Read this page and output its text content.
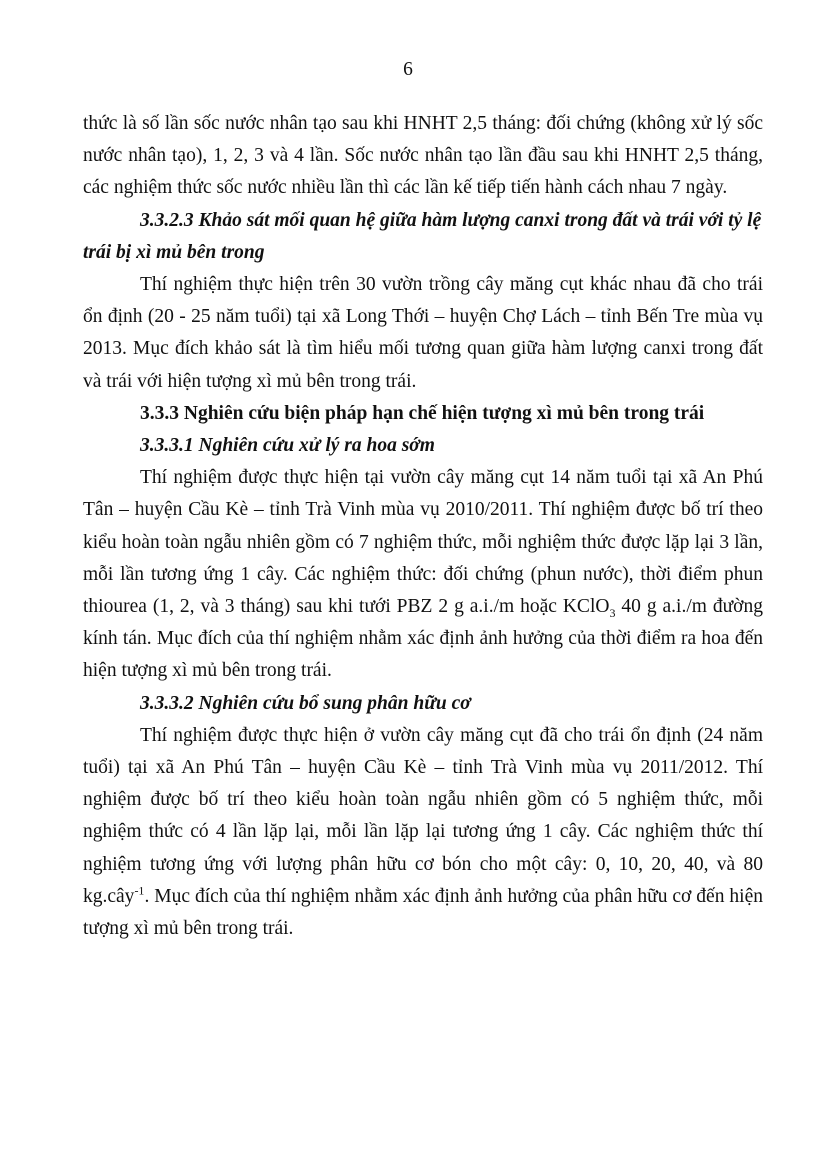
6

thức là số lần sốc nước nhân tạo sau khi HNHT 2,5 tháng: đối chứng (không xử lý sốc nước nhân tạo), 1, 2, 3 và 4 lần. Sốc nước nhân tạo lần đầu sau khi HNHT 2,5 tháng, các nghiệm thức sốc nước nhiều lần thì các lần kế tiếp tiến hành cách nhau 7 ngày.

3.3.2.3 Khảo sát mối quan hệ giữa hàm lượng canxi trong đất và trái với tỷ lệ trái bị xì mủ bên trong

Thí nghiệm thực hiện trên 30 vườn trồng cây măng cụt khác nhau đã cho trái ổn định (20 - 25 năm tuổi) tại xã Long Thới – huyện Chợ Lách – tỉnh Bến Tre mùa vụ 2013. Mục đích khảo sát là tìm hiểu mối tương quan giữa hàm lượng canxi trong đất và trái với hiện tượng xì mủ bên trong trái.

3.3.3 Nghiên cứu biện pháp hạn chế hiện tượng xì mủ bên trong trái

3.3.3.1 Nghiên cứu xử lý ra hoa sớm

Thí nghiệm được thực hiện tại vườn cây măng cụt 14 năm tuổi tại xã An Phú Tân – huyện Cầu Kè – tỉnh Trà Vinh mùa vụ 2010/2011. Thí nghiệm được bố trí theo kiểu hoàn toàn ngẫu nhiên gồm có 7 nghiệm thức, mỗi nghiệm thức được lặp lại 3 lần, mỗi lần tương ứng 1 cây. Các nghiệm thức: đối chứng (phun nước), thời điểm phun thiourea (1, 2, và 3 tháng) sau khi tưới PBZ 2 g a.i./m hoặc KClO$_3$ 40 g a.i./m đường kính tán. Mục đích của thí nghiệm nhằm xác định ảnh hưởng của thời điểm ra hoa đến hiện tượng xì mủ bên trong trái.

3.3.3.2 Nghiên cứu bổ sung phân hữu cơ

Thí nghiệm được thực hiện ở vườn cây măng cụt đã cho trái ổn định (24 năm tuổi) tại xã An Phú Tân – huyện Cầu Kè – tỉnh Trà Vinh mùa vụ 2011/2012. Thí nghiệm được bố trí theo kiểu hoàn toàn ngẫu nhiên gồm có 5 nghiệm thức, mỗi nghiệm thức có 4 lần lặp lại, mỗi lần lặp lại tương ứng 1 cây. Các nghiệm thức thí nghiệm tương ứng với lượng phân hữu cơ bón cho một cây: 0, 10, 20, 40, và 80 kg.cây$^{-1}$. Mục đích của thí nghiệm nhằm xác định ảnh hưởng của phân hữu cơ đến hiện tượng xì mủ bên trong trái.
